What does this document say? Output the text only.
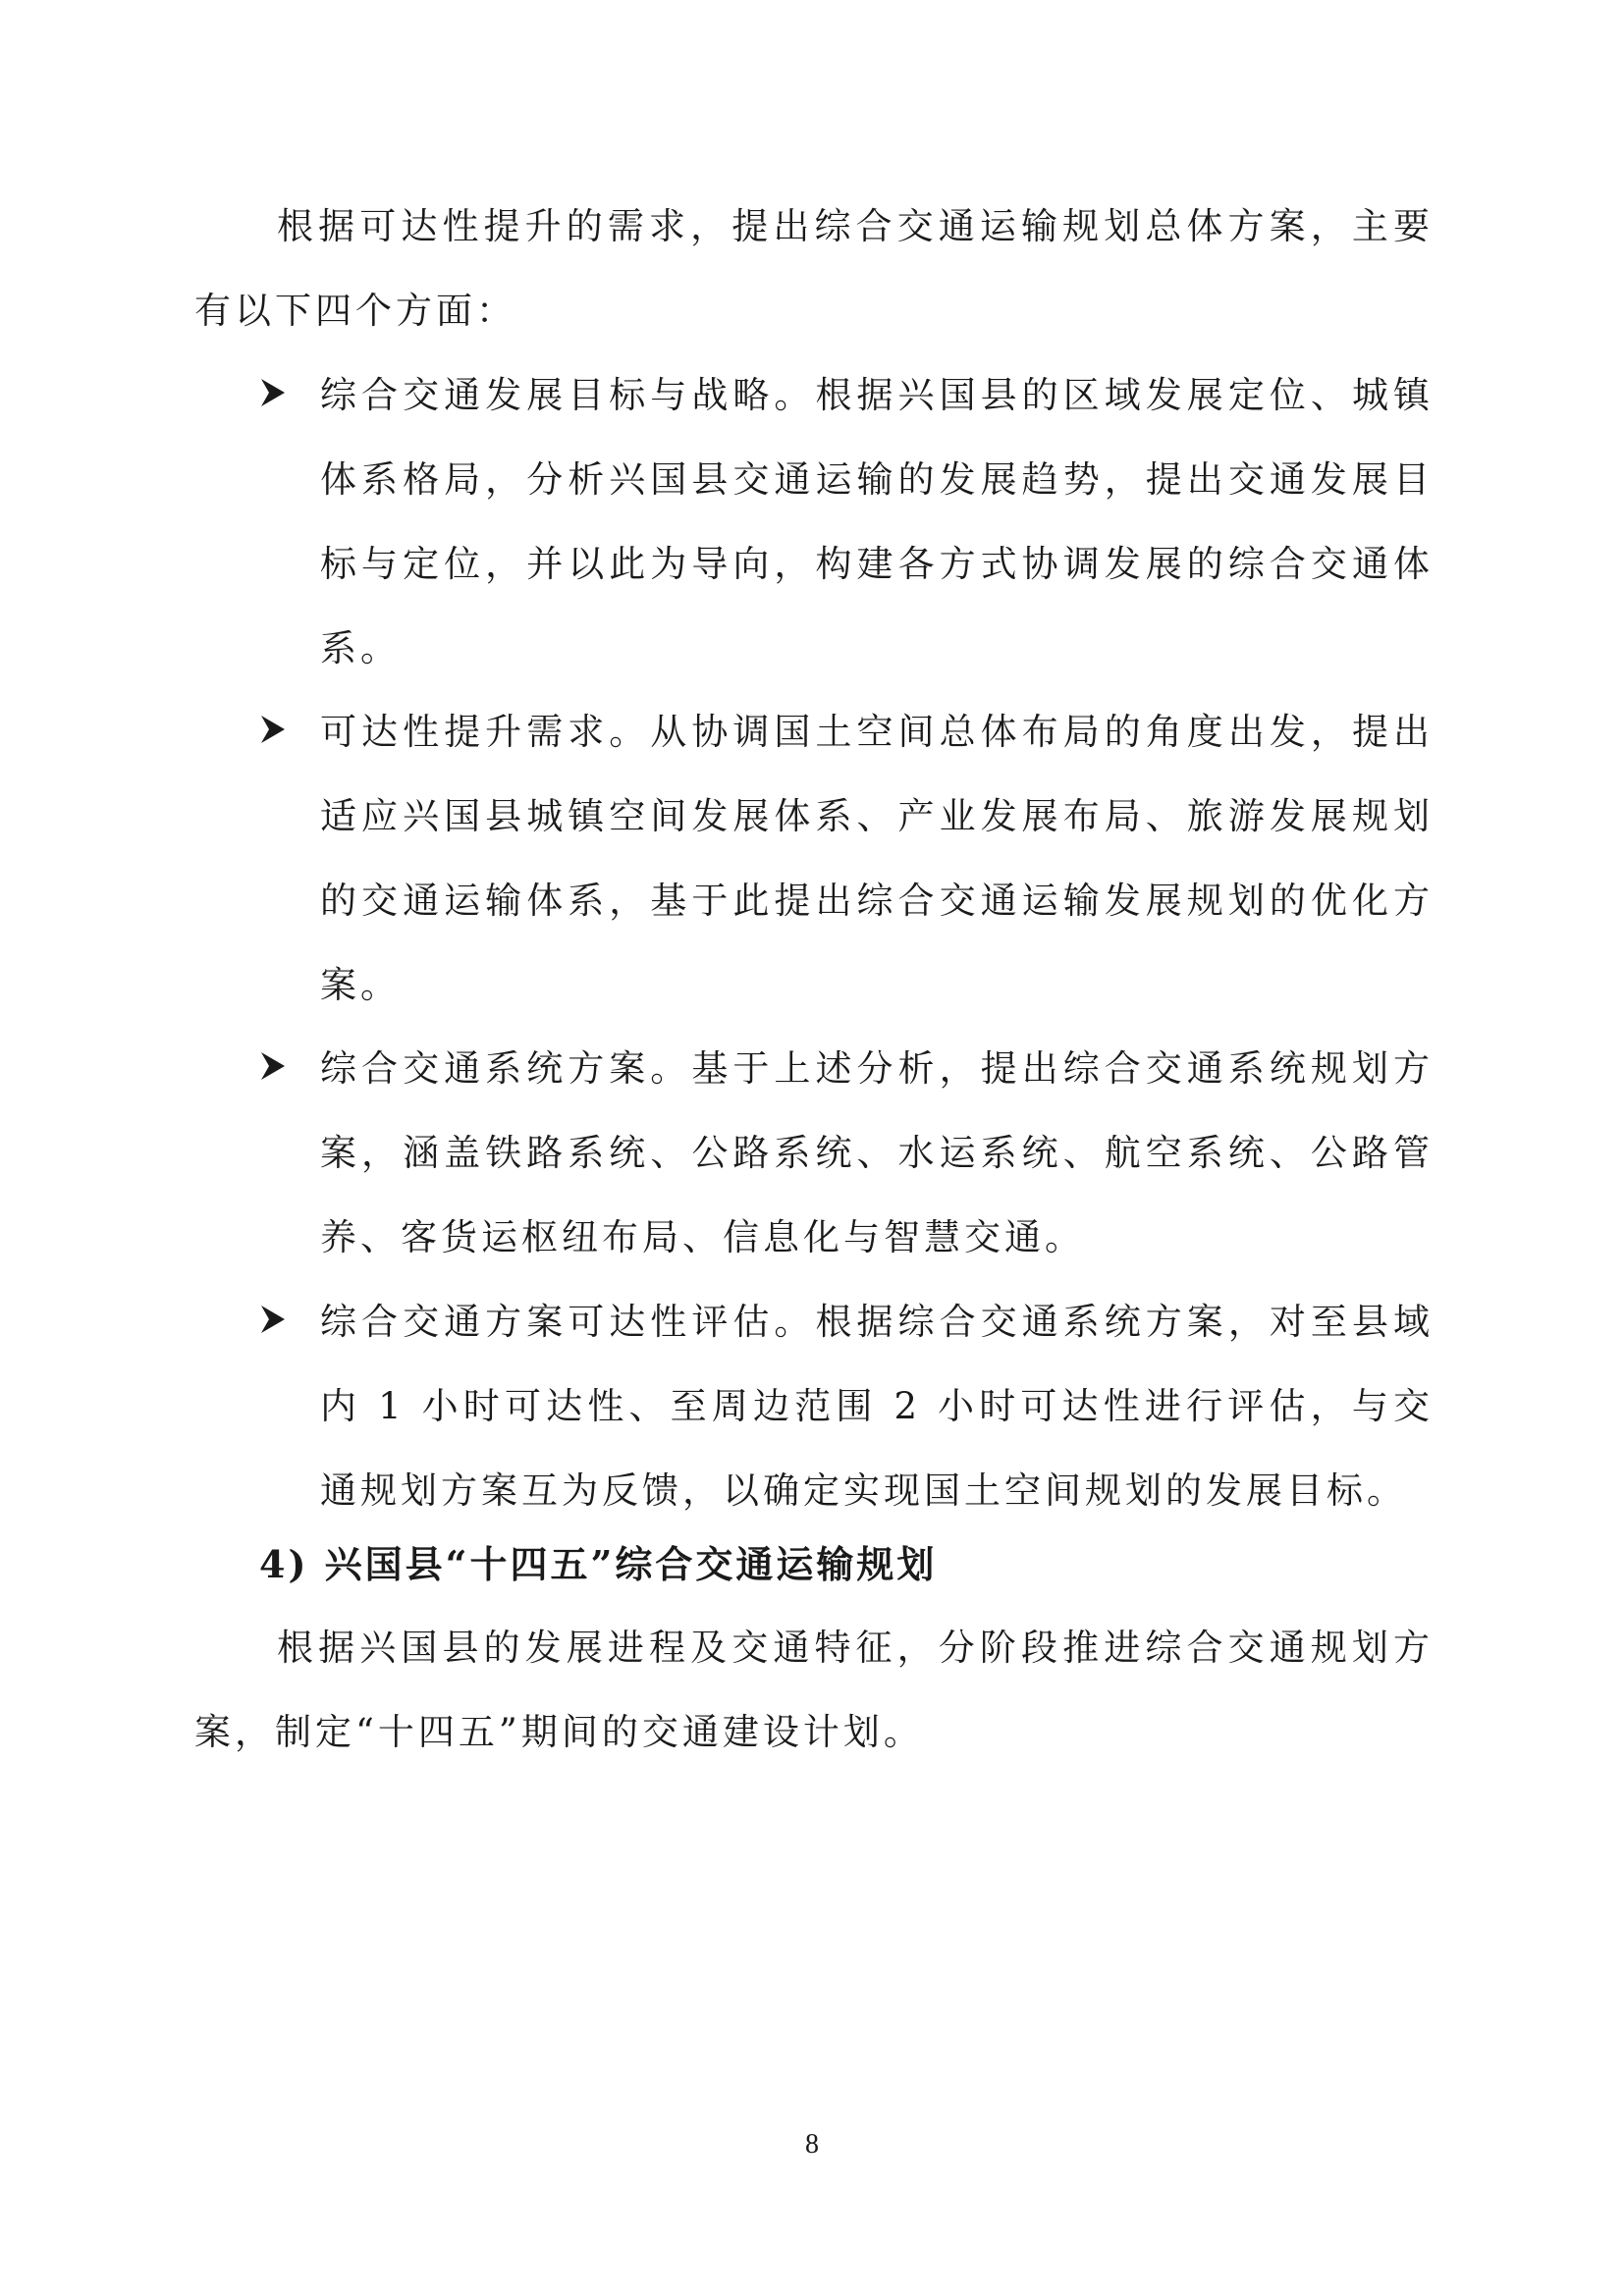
根据可达性提升的需求，提出综合交通运输规划总体方案，主要有以下四个方面：

综合交通发展目标与战略。根据兴国县的区域发展定位、城镇体系格局，分析兴国县交通运输的发展趋势，提出交通发展目标与定位，并以此为导向，构建各方式协调发展的综合交通体系。
可达性提升需求。从协调国土空间总体布局的角度出发，提出适应兴国县城镇空间发展体系、产业发展布局、旅游发展规划的交通运输体系，基于此提出综合交通运输发展规划的优化方案。
综合交通系统方案。基于上述分析，提出综合交通系统规划方案，涵盖铁路系统、公路系统、水运系统、航空系统、公路管养、客货运枢纽布局、信息化与智慧交通。
综合交通方案可达性评估。根据综合交通系统方案，对至县域内 1 小时可达性、至周边范围 2 小时可达性进行评估，与交通规划方案互为反馈，以确定实现国土空间规划的发展目标。
4) 兴国县“十四五”综合交通运输规划

根据兴国县的发展进程及交通特征，分阶段推进综合交通规划方案，制定“十四五”期间的交通建设计划。

8
